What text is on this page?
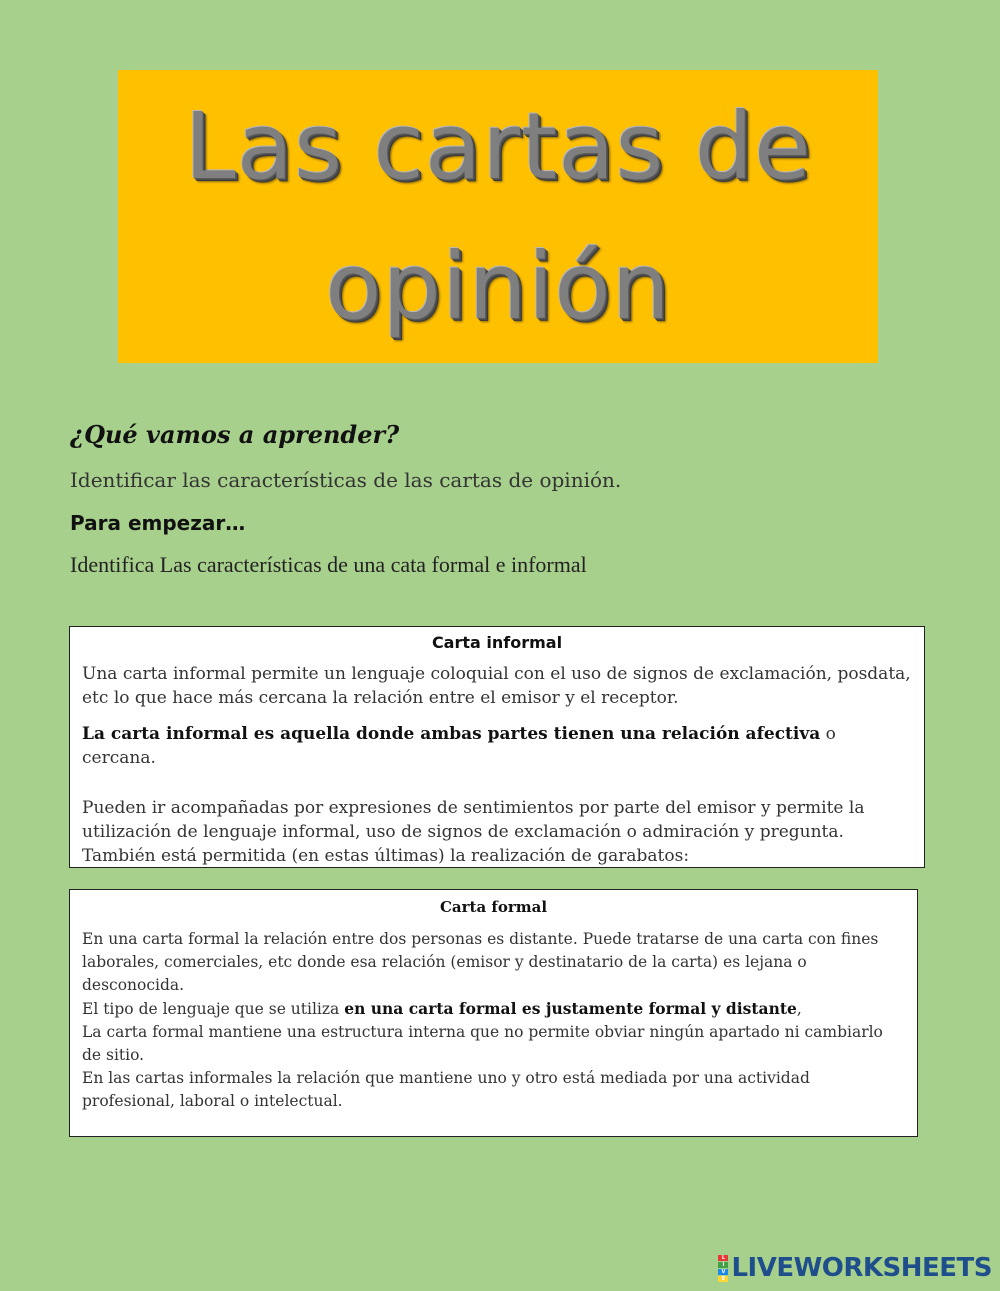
Las cartas de
opinión
¿Qué vamos a aprender?
Identificar las características de las cartas de opinión.
Para empezar…
Identifica Las características de una cata formal e informal
Carta informal

Una carta informal permite un lenguaje coloquial con el uso de signos de exclamación, posdata, etc lo que hace más cercana la relación entre el emisor y el receptor.

La carta informal es aquella donde ambas partes tienen una relación afectiva o cercana.

Pueden ir acompañadas por expresiones de sentimientos por parte del emisor y permite la utilización de lenguaje informal, uso de signos de exclamación o admiración y pregunta. También está permitida (en estas últimas) la realización de garabatos:

Carta formal

En una carta formal la relación entre dos personas es distante. Puede tratarse de una carta con fines laborales, comerciales, etc donde esa relación (emisor y destinatario de la carta) es lejana o desconocida.

El tipo de lenguaje que se utiliza en una carta formal es justamente formal y distante,

La carta formal mantiene una estructura interna que no permite obviar ningún apartado ni cambiarlo de sitio.

En las cartas informales la relación que mantiene uno y otro está mediada por una actividad profesional, laboral o intelectual.

L
I
V
E LIVEWORKSHEETS
